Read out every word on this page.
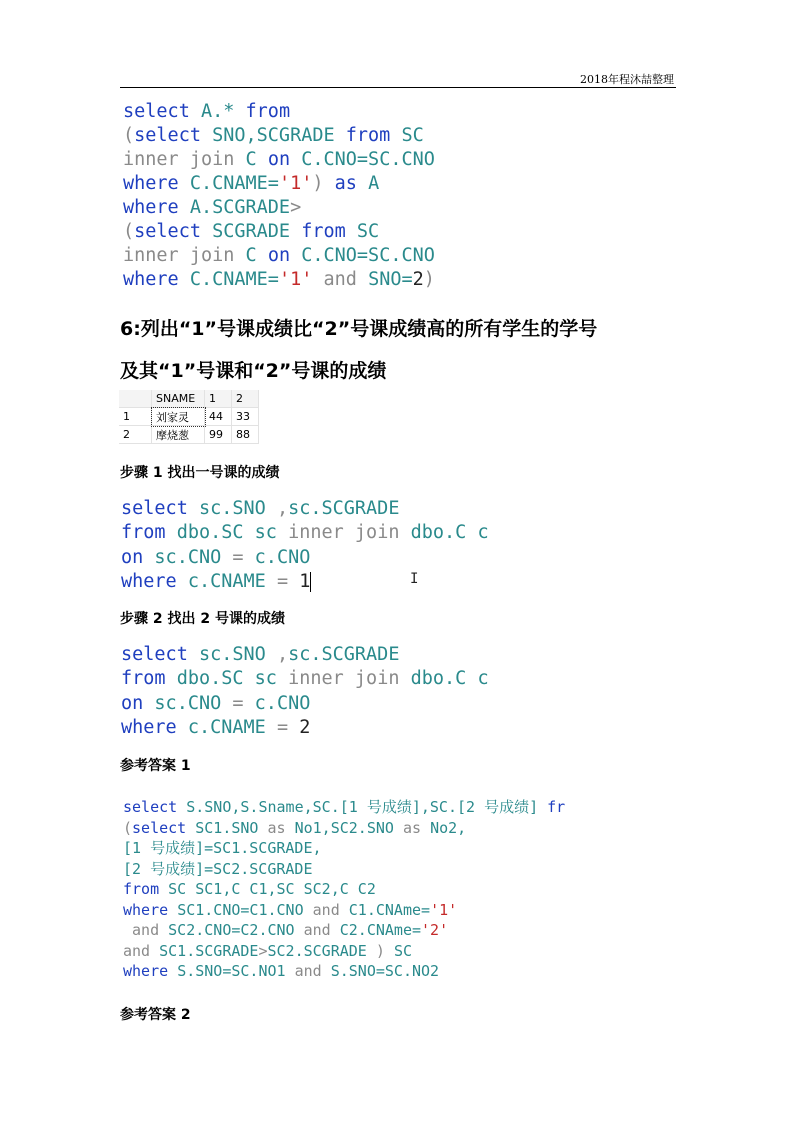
2018年程沐喆整理
select A.* from
(select SNO,SCGRADE from SC
inner join C on C.CNO=SC.CNO
where C.CNAME='1') as A
where A.SCGRADE>
(select SCGRADE from SC
inner join C on C.CNO=SC.CNO
where C.CNAME='1' and SNO=2)
6:列出“1”号课成绩比“2”号课成绩高的所有学生的学号
及其“1”号课和“2”号课的成绩
	SNAME	1	2
1	刘家灵	44	33
2	摩烧葱	99	88
步骤 1 找出一号课的成绩
select sc.SNO ,sc.SCGRADE
from dbo.SC sc inner join dbo.C c
on sc.CNO = c.CNO
where c.CNAME = 1	I
步骤 2 找出 2 号课的成绩
select sc.SNO ,sc.SCGRADE
from dbo.SC sc inner join dbo.C c
on sc.CNO = c.CNO
where c.CNAME = 2
参考答案 1
select S.SNO,S.Sname,SC.[1 号成绩],SC.[2 号成绩] fr
(select SC1.SNO as No1,SC2.SNO as No2,
[1 号成绩]=SC1.SCGRADE,
[2 号成绩]=SC2.SCGRADE
from SC SC1,C C1,SC SC2,C C2
where SC1.CNO=C1.CNO and C1.CNAme='1'
and SC2.CNO=C2.CNO and C2.CNAme='2'
and SC1.SCGRADE>SC2.SCGRADE ) SC
where S.SNO=SC.NO1 and S.SNO=SC.NO2
参考答案 2
